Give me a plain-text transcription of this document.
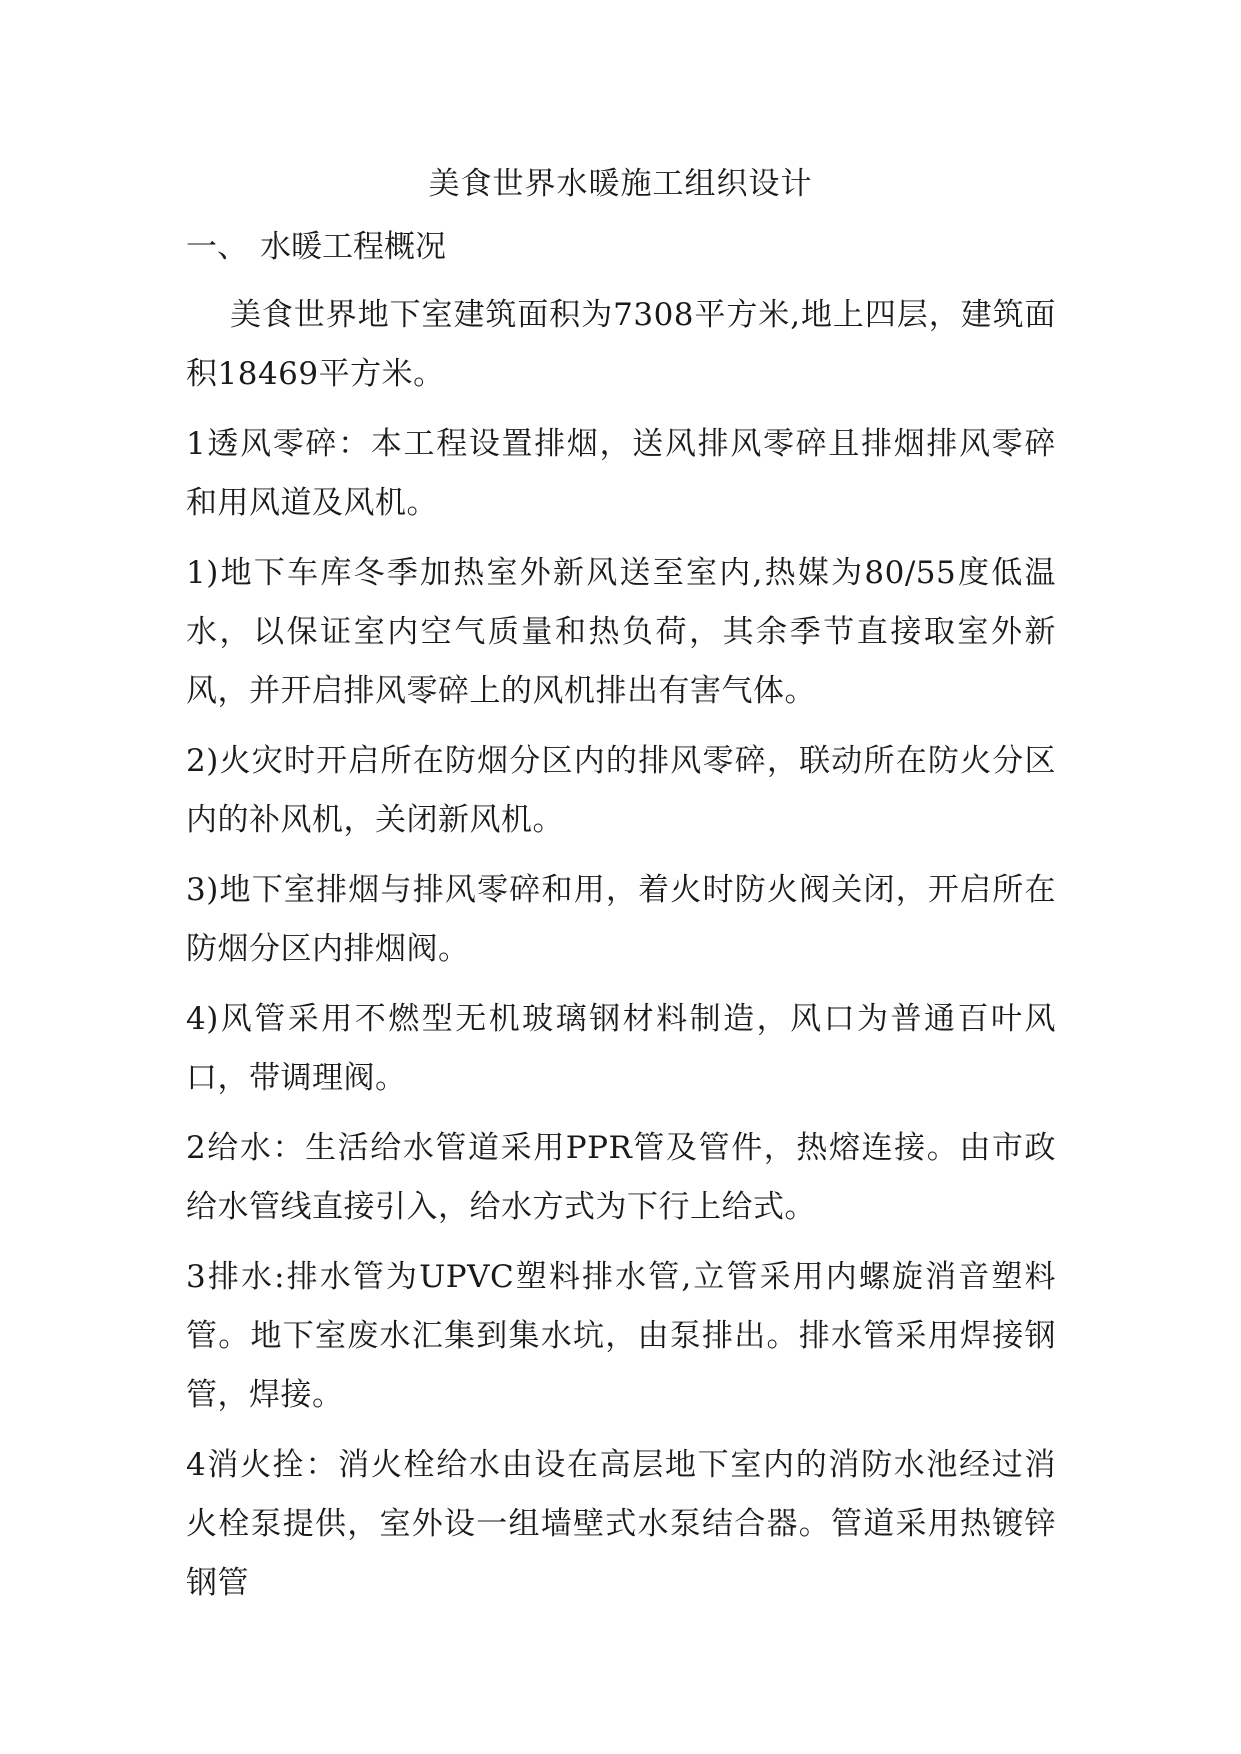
美食世界水暖施工组织设计
一、 水暖工程概况

美食世界地下室建筑面积为7308平方米,地上四层，建筑面积18469平方米。

1透风零碎：本工程设置排烟，送风排风零碎且排烟排风零碎和用风道及风机。

1)地下车库冬季加热室外新风送至室内,热媒为80/55度低温水，以保证室内空气质量和热负荷，其余季节直接取室外新风，并开启排风零碎上的风机排出有害气体。

2)火灾时开启所在防烟分区内的排风零碎，联动所在防火分区内的补风机，关闭新风机。

3)地下室排烟与排风零碎和用，着火时防火阀关闭，开启所在防烟分区内排烟阀。

4)风管采用不燃型无机玻璃钢材料制造，风口为普通百叶风口，带调理阀。

2给水：生活给水管道采用PPR管及管件，热熔连接。由市政给水管线直接引入，给水方式为下行上给式。

3排水:排水管为UPVC塑料排水管,立管采用内螺旋消音塑料管。地下室废水汇集到集水坑，由泵排出。排水管采用焊接钢管，焊接。

4消火拴：消火栓给水由设在高层地下室内的消防水池经过消火栓泵提供，室外设一组墙壁式水泵结合器。管道采用热镀锌钢管
